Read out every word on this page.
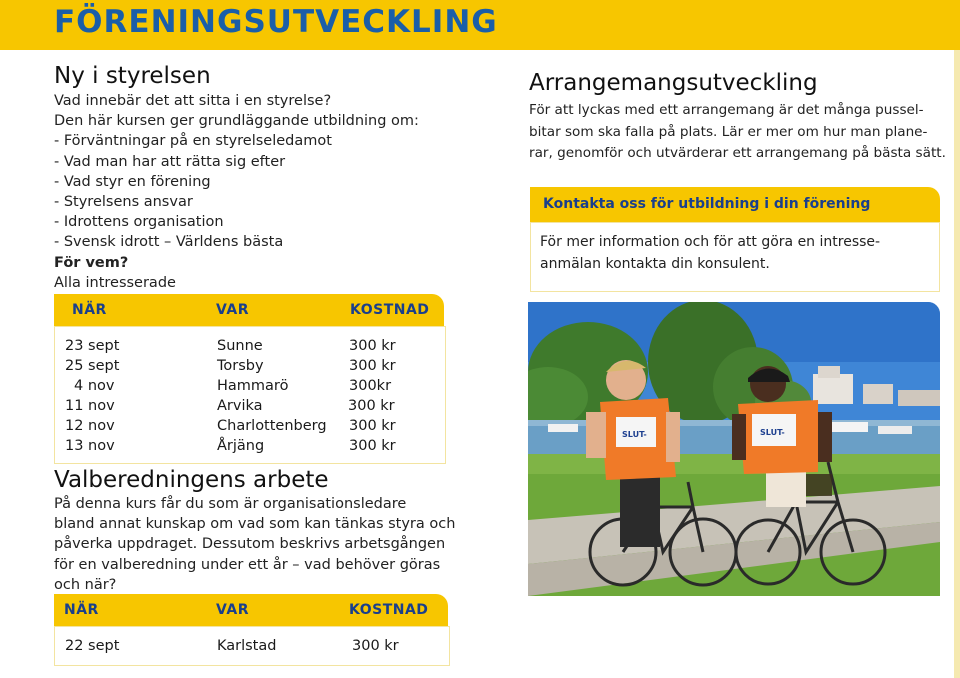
FÖRENINGSUTVECKLING
Ny i styrelsen
Vad innebär det att sitta i en styrelse?
Den här kursen ger grundläggande utbildning om:
- Förväntningar på en styrelseledamot
- Vad man har att rätta sig efter
- Vad styr en förening
- Styrelsens ansvar
- Idrottens organisation
- Svensk idrott – Världens bästa
För vem?
Alla intresserade
NÄR	VAR	KOSTNAD
23 sept	Sunne	300 kr
25 sept	Torsby	300 kr
4 nov	Hammarö	300kr
11 nov	Arvika	300 kr
12 nov	Charlottenberg 300 kr
13 nov	Årjäng	300 kr
Valberedningens arbete
På denna kurs får du som är organisationsledare
bland annat kunskap om vad som kan tänkas styra och
påverka uppdraget. Dessutom beskrivs arbetsgången
för en valberedning under ett år – vad behöver göras
och när?
NÄR	VAR	KOSTNAD
22 sept	Karlstad	300 kr
Arrangemangsutveckling
För att lyckas med ett arrangemang är det många pussel-
bitar som ska falla på plats. Lär er mer om hur man plane-
rar, genomför och utvärderar ett arrangemang på bästa sätt.
Kontakta oss för utbildning i din förening
För mer information och för att göra en intresse-
anmälan kontakta din konsulent.
SLUT-	SLUT-
